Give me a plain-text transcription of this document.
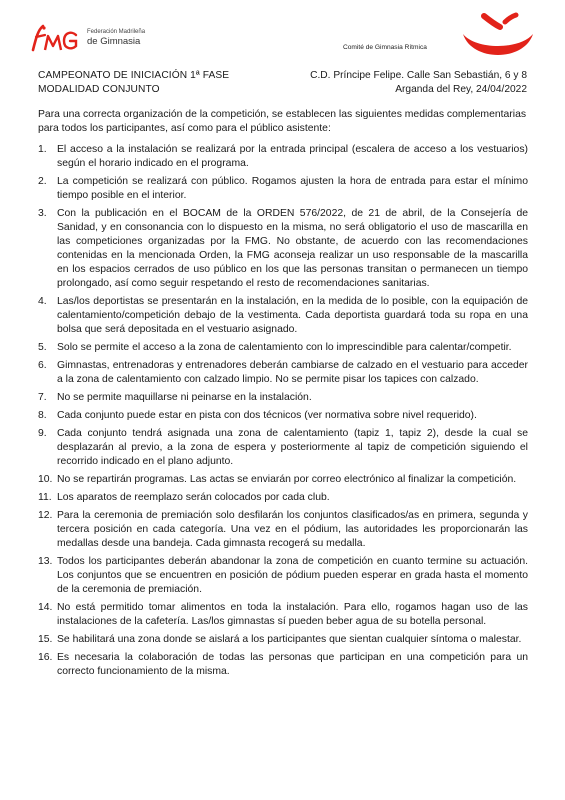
Federación Madrileña
de Gimnasia
Comité de Gimnasia Rítmica
CAMPEONATO DE INICIACIÓN 1ª FASE
MODALIDAD CONJUNTO
C.D. Príncipe Felipe. Calle San Sebastián, 6 y 8
Arganda del Rey, 24/04/2022

Para una correcta organización de la competición, se establecen las siguientes medidas complementarias para todos los participantes, así como para el público asistente:

1. El acceso a la instalación se realizará por la entrada principal (escalera de acceso a los vestuarios) según el horario indicado en el programa.
2. La competición se realizará con público. Rogamos ajusten la hora de entrada para estar el mínimo tiempo posible en el interior.
3. Con la publicación en el BOCAM de la ORDEN 576/2022, de 21 de abril, de la Consejería de Sanidad, y en consonancia con lo dispuesto en la misma, no será obligatorio el uso de mascarilla en las competiciones organizadas por la FMG. No obstante, de acuerdo con las recomendaciones contenidas en la mencionada Orden, la FMG aconseja realizar un uso responsable de la mascarilla en los espacios cerrados de uso público en los que las personas transitan o permanecen un tiempo prolongado, así como seguir respetando el resto de recomendaciones sanitarias.
4. Las/los deportistas se presentarán en la instalación, en la medida de lo posible, con la equipación de calentamiento/competición debajo de la vestimenta. Cada deportista guardará toda su ropa en una bolsa que será depositada en el vestuario asignado.
5. Solo se permite el acceso a la zona de calentamiento con lo imprescindible para calentar/competir.
6. Gimnastas, entrenadoras y entrenadores deberán cambiarse de calzado en el vestuario para acceder a la zona de calentamiento con calzado limpio. No se permite pisar los tapices con calzado.
7. No se permite maquillarse ni peinarse en la instalación.
8. Cada conjunto puede estar en pista con dos técnicos (ver normativa sobre nivel requerido).
9. Cada conjunto tendrá asignada una zona de calentamiento (tapiz 1, tapiz 2), desde la cual se desplazarán al previo, a la zona de espera y posteriormente al tapiz de competición siguiendo el recorrido indicado en el plano adjunto.
10. No se repartirán programas. Las actas se enviarán por correo electrónico al finalizar la competición.
11. Los aparatos de reemplazo serán colocados por cada club.
12. Para la ceremonia de premiación solo desfilarán los conjuntos clasificados/as en primera, segunda y tercera posición en cada categoría. Una vez en el pódium, las autoridades les proporcionarán las medallas desde una bandeja. Cada gimnasta recogerá su medalla.
13. Todos los participantes deberán abandonar la zona de competición en cuanto termine su actuación. Los conjuntos que se encuentren en posición de pódium pueden esperar en grada hasta el momento de la ceremonia de premiación.
14. No está permitido tomar alimentos en toda la instalación. Para ello, rogamos hagan uso de las instalaciones de la cafetería. Las/los gimnastas sí pueden beber agua de su botella personal.
15. Se habilitará una zona donde se aislará a los participantes que sientan cualquier síntoma o malestar.
16. Es necesaria la colaboración de todas las personas que participan en una competición para un correcto funcionamiento de la misma.
